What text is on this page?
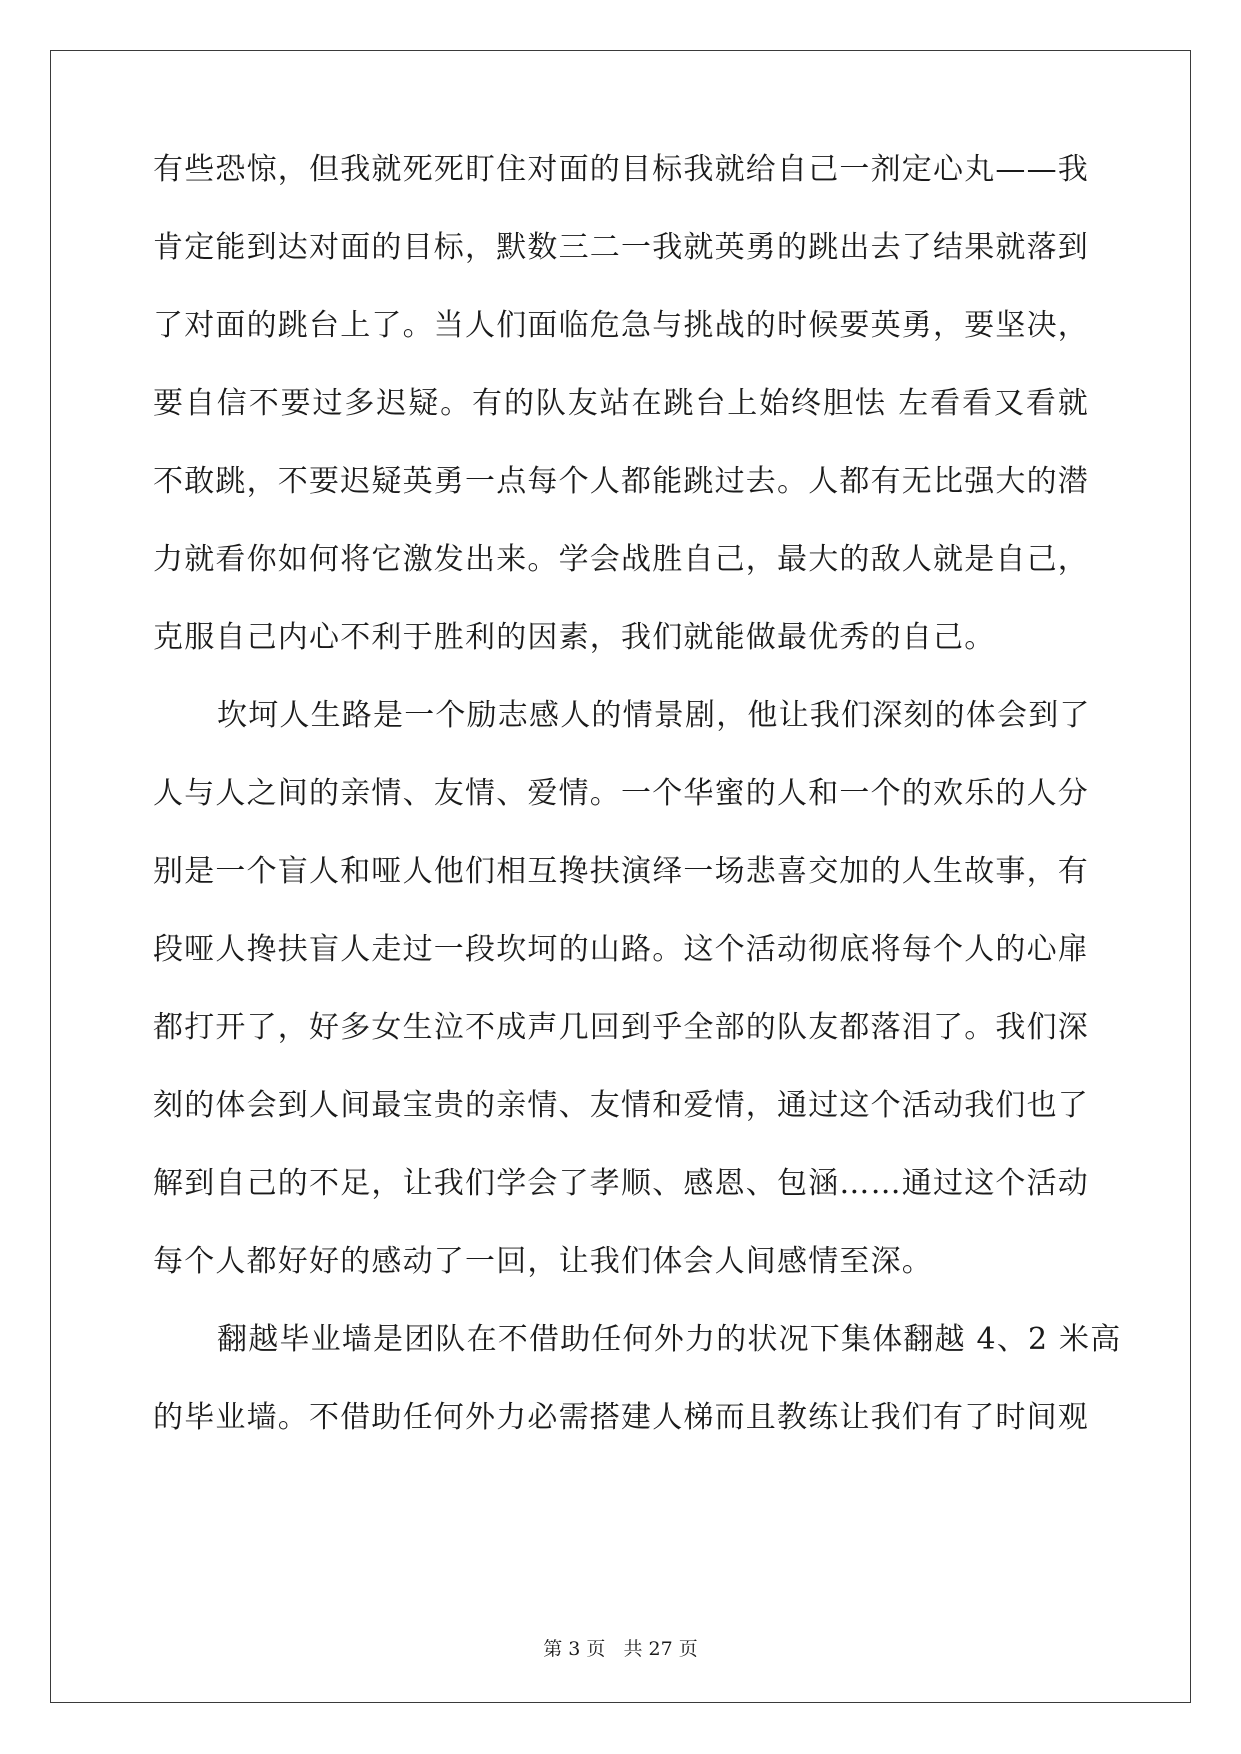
有些恐惊，但我就死死盯住对面的目标我就给自己一剂定心丸——我
肯定能到达对面的目标，默数三二一我就英勇的跳出去了结果就落到
了对面的跳台上了。当人们面临危急与挑战的时候要英勇，要坚决，
要自信不要过多迟疑。有的队友站在跳台上始终胆怯 左看看又看就
不敢跳，不要迟疑英勇一点每个人都能跳过去。人都有无比强大的潜
力就看你如何将它激发出来。学会战胜自己，最大的敌人就是自己，
克服自己内心不利于胜利的因素，我们就能做最优秀的自己。
坎坷人生路是一个励志感人的情景剧，他让我们深刻的体会到了
人与人之间的亲情、友情、爱情。一个华蜜的人和一个的欢乐的人分
别是一个盲人和哑人他们相互搀扶演绎一场悲喜交加的人生故事，有
段哑人搀扶盲人走过一段坎坷的山路。这个活动彻底将每个人的心扉
都打开了，好多女生泣不成声几回到乎全部的队友都落泪了。我们深
刻的体会到人间最宝贵的亲情、友情和爱情，通过这个活动我们也了
解到自己的不足，让我们学会了孝顺、感恩、包涵……通过这个活动
每个人都好好的感动了一回，让我们体会人间感情至深。
翻越毕业墙是团队在不借助任何外力的状况下集体翻越 4、2 米高
的毕业墙。不借助任何外力必需搭建人梯而且教练让我们有了时间观
第 3 页 共 27 页
